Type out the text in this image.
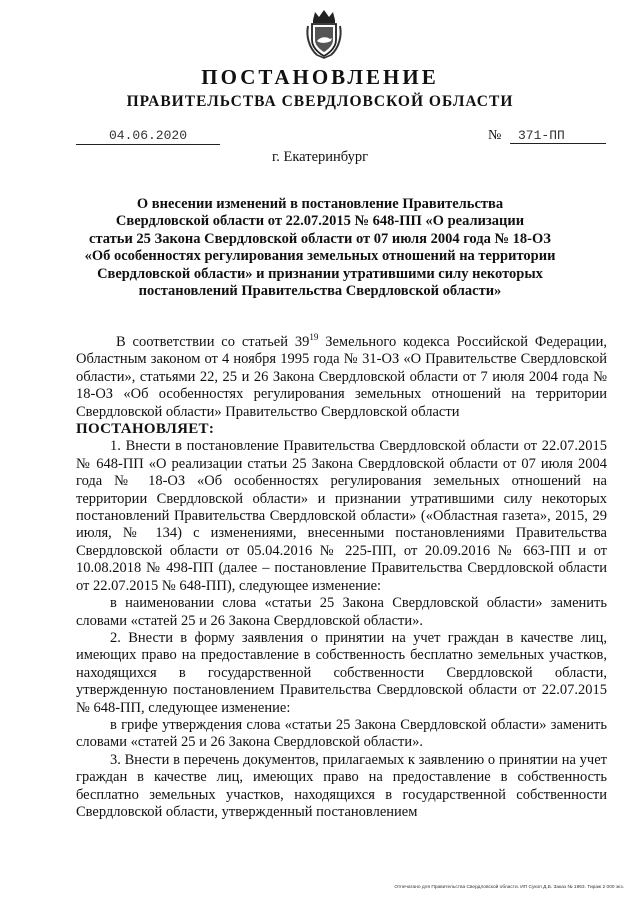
ПОСТАНОВЛЕНИЕ
ПРАВИТЕЛЬСТВА СВЕРДЛОВСКОЙ ОБЛАСТИ
04.06.2020	№	371-ПП
г. Екатеринбург
О внесении изменений в постановление Правительства
Свердловской области от 22.07.2015 № 648-ПП «О реализации
статьи 25 Закона Свердловской области от 07 июля 2004 года № 18-ОЗ
«Об особенностях регулирования земельных отношений на территории
Свердловской области» и признании утратившими силу некоторых
постановлений Правительства Свердловской области»

В соответствии со статьей $39^{19}$ Земельного кодекса Российской Федерации, Областным законом от 4 ноября 1995 года № 31-ОЗ «О Правительстве Свердловской области», статьями 22, 25 и 26 Закона Свердловской области от 7 июля 2004 года № 18-ОЗ «Об особенностях регулирования земельных отношений на территории Свердловской области» Правительство Свердловской области

ПОСТАНОВЛЯЕТ:

1. Внести в постановление Правительства Свердловской области от 22.07.2015 № 648-ПП «О реализации статьи 25 Закона Свердловской области от 07 июля 2004 года № 18-ОЗ «Об особенностях регулирования земельных отношений на территории Свердловской области» и признании утратившими силу некоторых постановлений Правительства Свердловской области» («Областная газета», 2015, 29 июля, № 134) с изменениями, внесенными постановлениями Правительства Свердловской области от 05.04.2016 № 225-ПП, от 20.09.2016 № 663-ПП и от 10.08.2018 № 498-ПП (далее – постановление Правительства Свердловской области от 22.07.2015 № 648-ПП), следующее изменение:

в наименовании слова «статьи 25 Закона Свердловской области» заменить словами «статей 25 и 26 Закона Свердловской области».

2. Внести в форму заявления о принятии на учет граждан в качестве лиц, имеющих право на предоставление в собственность бесплатно земельных участков, находящихся в государственной собственности Свердловской области, утвержденную постановлением Правительства Свердловской области от 22.07.2015 № 648-ПП, следующее изменение:

в грифе утверждения слова «статьи 25 Закона Свердловской области» заменить словами «статей 25 и 26 Закона Свердловской области».

3. Внести в перечень документов, прилагаемых к заявлению о принятии на учет граждан в качестве лиц, имеющих право на предоставление в собственность бесплатно земельных участков, находящихся в государственной собственности Свердловской области, утвержденный постановлением

Отпечатано для Правительства Свердловской области. ИП Сукоп Д.Б. Заказ № 1963. Тираж 2 000 экз.
